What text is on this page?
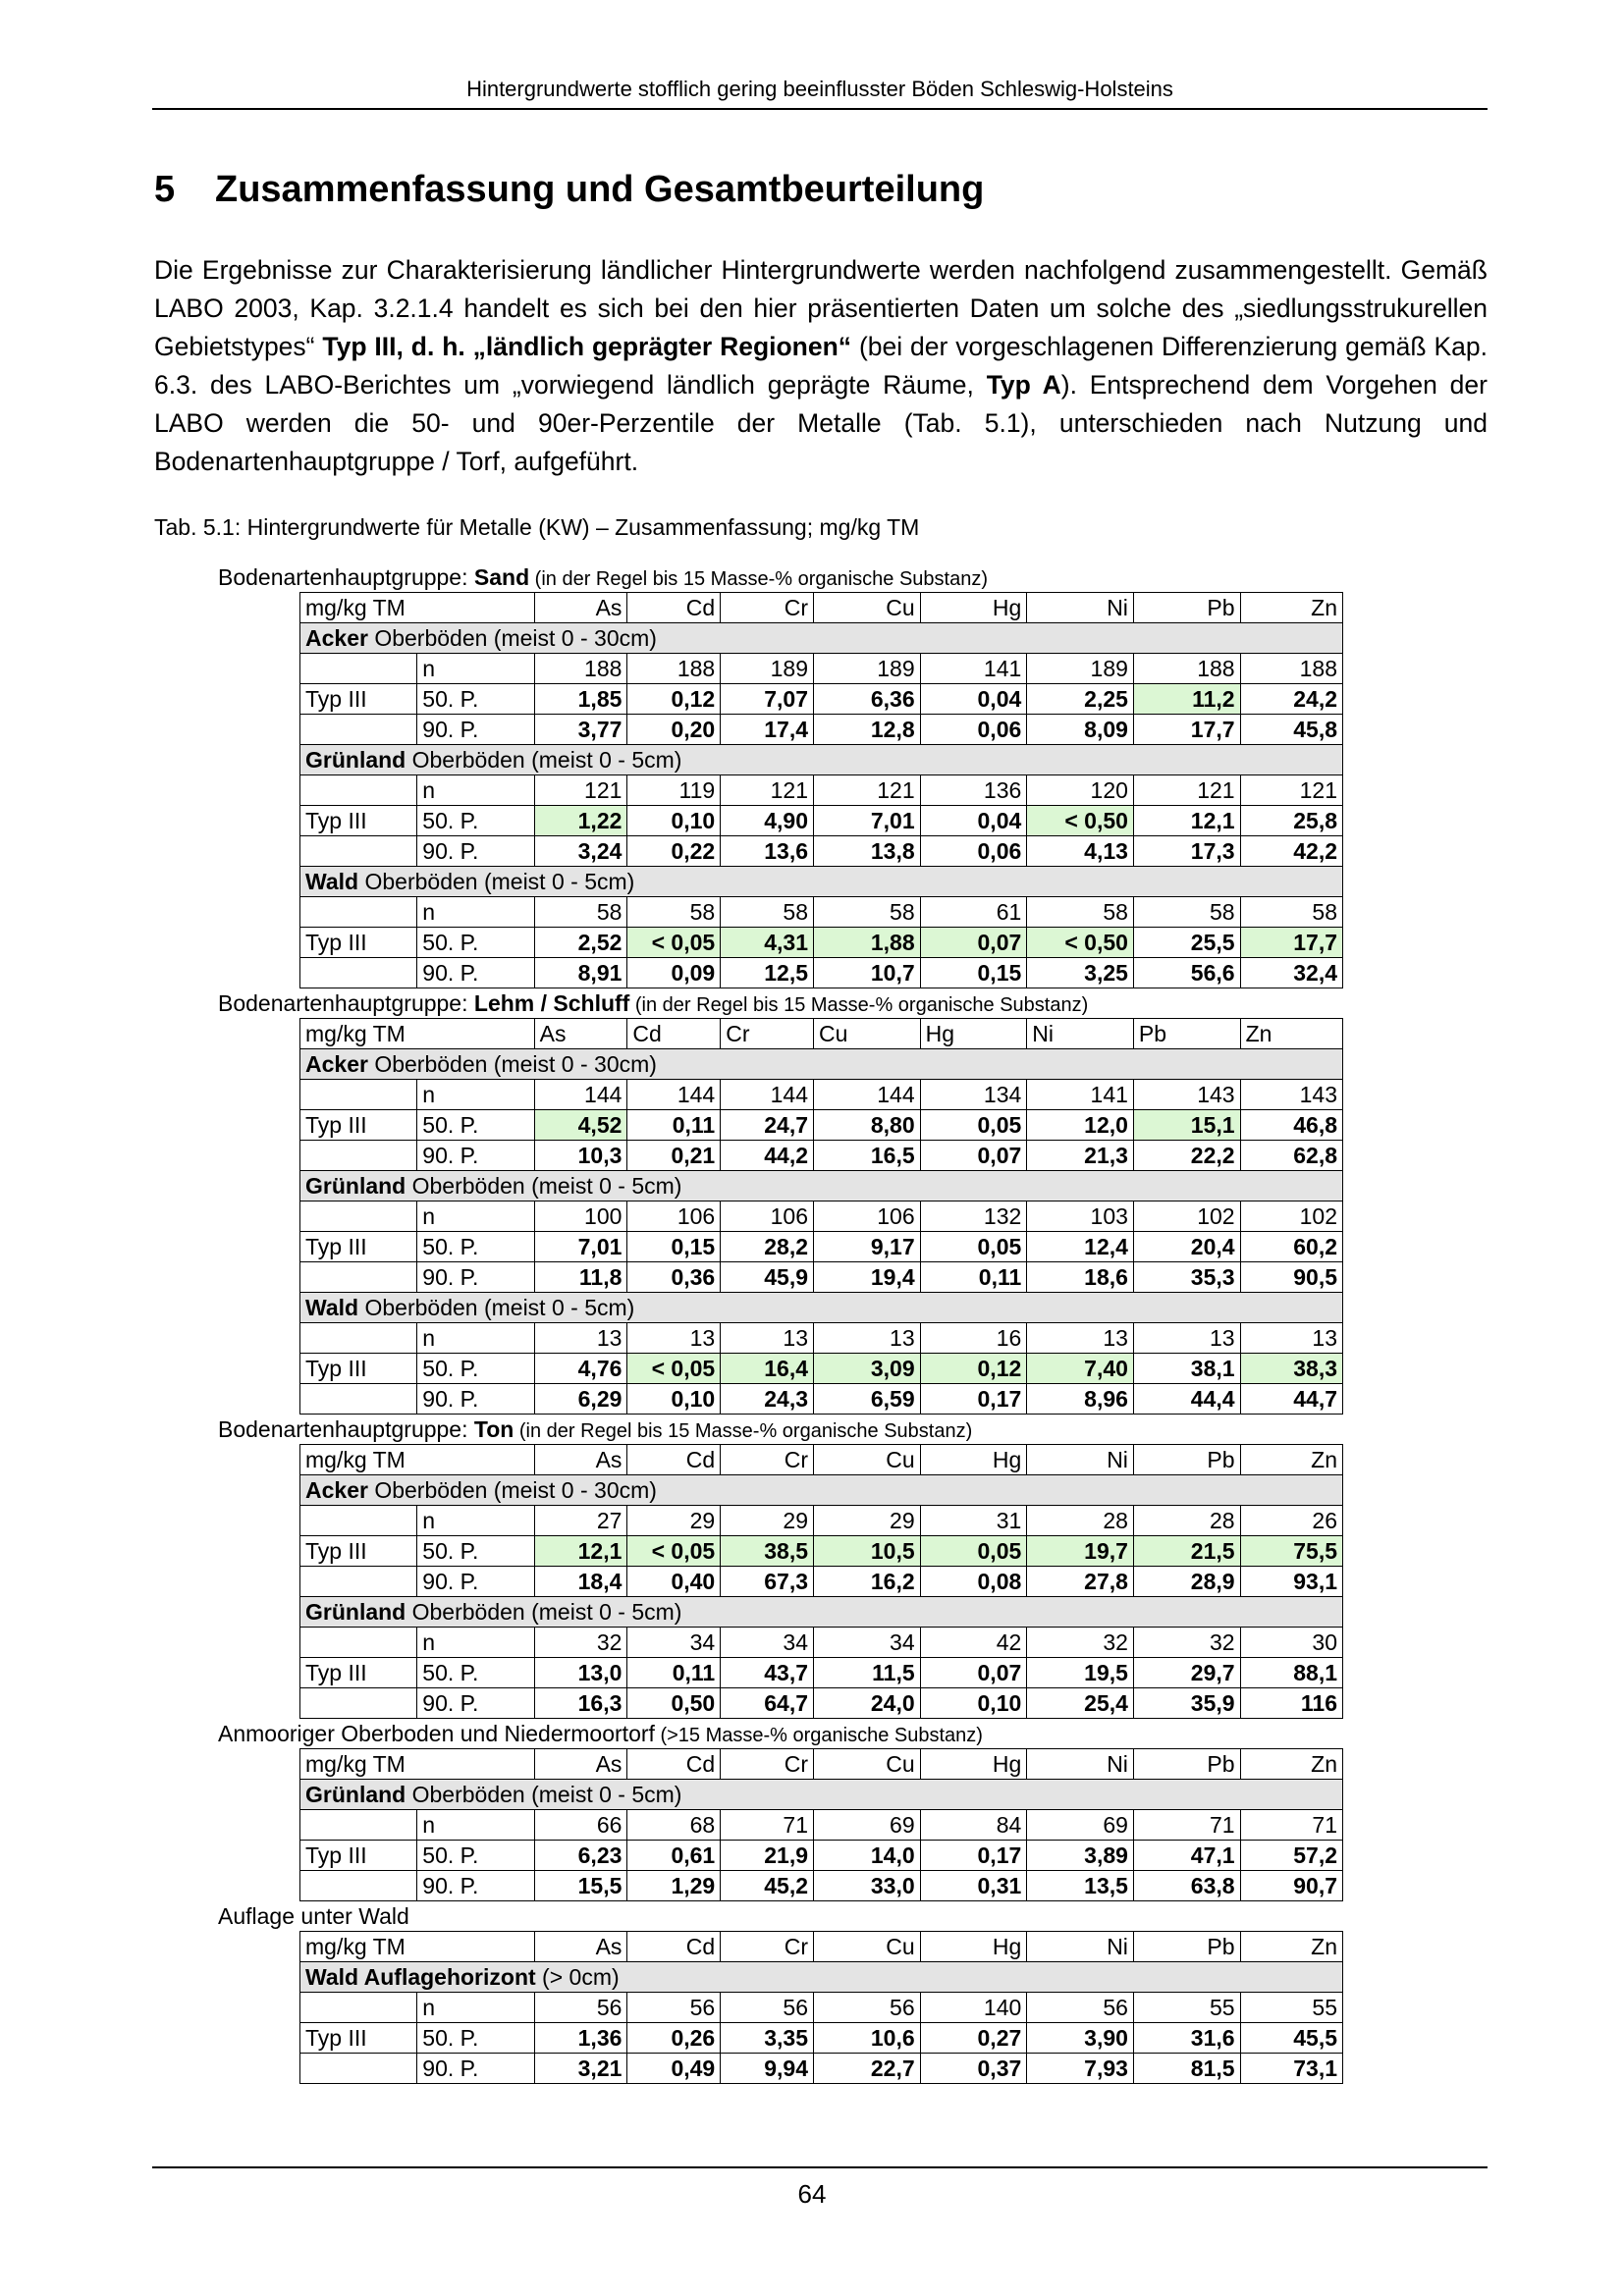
Hintergrundwerte stofflich gering beeinflusster Böden Schleswig-Holsteins
5 Zusammenfassung und Gesamtbeurteilung

Die Ergebnisse zur Charakterisierung ländlicher Hintergrundwerte werden nachfolgend zusammengestellt. Gemäß LABO 2003, Kap. 3.2.1.4 handelt es sich bei den hier präsentierten Daten um solche des „siedlungsstrukurellen Gebietstypes“ Typ III, d. h. „ländlich geprägter Regionen“ (bei der vorgeschlagenen Differenzierung gemäß Kap. 6.3. des LABO-Berichtes um „vorwiegend ländlich geprägte Räume, Typ A). Entsprechend dem Vorgehen der LABO werden die 50- und 90er-Perzentile der Metalle (Tab. 5.1), unterschieden nach Nutzung und Bodenartenhauptgruppe / Torf, aufgeführt.

Tab. 5.1: Hintergrundwerte für Metalle (KW) – Zusammenfassung; mg/kg TM
Bodenartenhauptgruppe: Sand (in der Regel bis 15 Masse-% organische Substanz)
mg/kg TM		As	Cd	Cr	Cu	Hg	Ni	Pb	Zn
Acker Oberböden (meist 0 - 30cm)									
	n	188	188	189	189	141	189	188	188
Typ III	50. P.	1,85	0,12	7,07	6,36	0,04	2,25	11,2	24,2
	90. P.	3,77	0,20	17,4	12,8	0,06	8,09	17,7	45,8
Grünland Oberböden (meist 0 - 5cm)									
	n	121	119	121	121	136	120	121	121
Typ III	50. P.	1,22	0,10	4,90	7,01	0,04	< 0,50	12,1	25,8
	90. P.	3,24	0,22	13,6	13,8	0,06	4,13	17,3	42,2
Wald Oberböden (meist 0 - 5cm)									
	n	58	58	58	58	61	58	58	58
Typ III	50. P.	2,52	< 0,05	4,31	1,88	0,07	< 0,50	25,5	17,7
	90. P.	8,91	0,09	12,5	10,7	0,15	3,25	56,6	32,4
Bodenartenhauptgruppe: Lehm / Schluff (in der Regel bis 15 Masse-% organische Substanz)
mg/kg TM		As	Cd	Cr	Cu	Hg	Ni	Pb	Zn
Acker Oberböden (meist 0 - 30cm)									
	n	144	144	144	144	134	141	143	143
Typ III	50. P.	4,52	0,11	24,7	8,80	0,05	12,0	15,1	46,8
	90. P.	10,3	0,21	44,2	16,5	0,07	21,3	22,2	62,8
Grünland Oberböden (meist 0 - 5cm)									
	n	100	106	106	106	132	103	102	102
Typ III	50. P.	7,01	0,15	28,2	9,17	0,05	12,4	20,4	60,2
	90. P.	11,8	0,36	45,9	19,4	0,11	18,6	35,3	90,5
Wald Oberböden (meist 0 - 5cm)									
	n	13	13	13	13	16	13	13	13
Typ III	50. P.	4,76	< 0,05	16,4	3,09	0,12	7,40	38,1	38,3
	90. P.	6,29	0,10	24,3	6,59	0,17	8,96	44,4	44,7
Bodenartenhauptgruppe: Ton (in der Regel bis 15 Masse-% organische Substanz)
mg/kg TM		As	Cd	Cr	Cu	Hg	Ni	Pb	Zn
Acker Oberböden (meist 0 - 30cm)									
	n	27	29	29	29	31	28	28	26
Typ III	50. P.	12,1	< 0,05	38,5	10,5	0,05	19,7	21,5	75,5
	90. P.	18,4	0,40	67,3	16,2	0,08	27,8	28,9	93,1
Grünland Oberböden (meist 0 - 5cm)									
	n	32	34	34	34	42	32	32	30
Typ III	50. P.	13,0	0,11	43,7	11,5	0,07	19,5	29,7	88,1
	90. P.	16,3	0,50	64,7	24,0	0,10	25,4	35,9	116
Anmooriger Oberboden und Niedermoortorf (>15 Masse-% organische Substanz)
mg/kg TM		As	Cd	Cr	Cu	Hg	Ni	Pb	Zn
Grünland Oberböden (meist 0 - 5cm)									
	n	66	68	71	69	84	69	71	71
Typ III	50. P.	6,23	0,61	21,9	14,0	0,17	3,89	47,1	57,2
	90. P.	15,5	1,29	45,2	33,0	0,31	13,5	63,8	90,7
Auflage unter Wald
mg/kg TM		As	Cd	Cr	Cu	Hg	Ni	Pb	Zn
Wald Auflagehorizont (> 0cm)									
	n	56	56	56	56	140	56	55	55
Typ III	50. P.	1,36	0,26	3,35	10,6	0,27	3,90	31,6	45,5
	90. P.	3,21	0,49	9,94	22,7	0,37	7,93	81,5	73,1
64
